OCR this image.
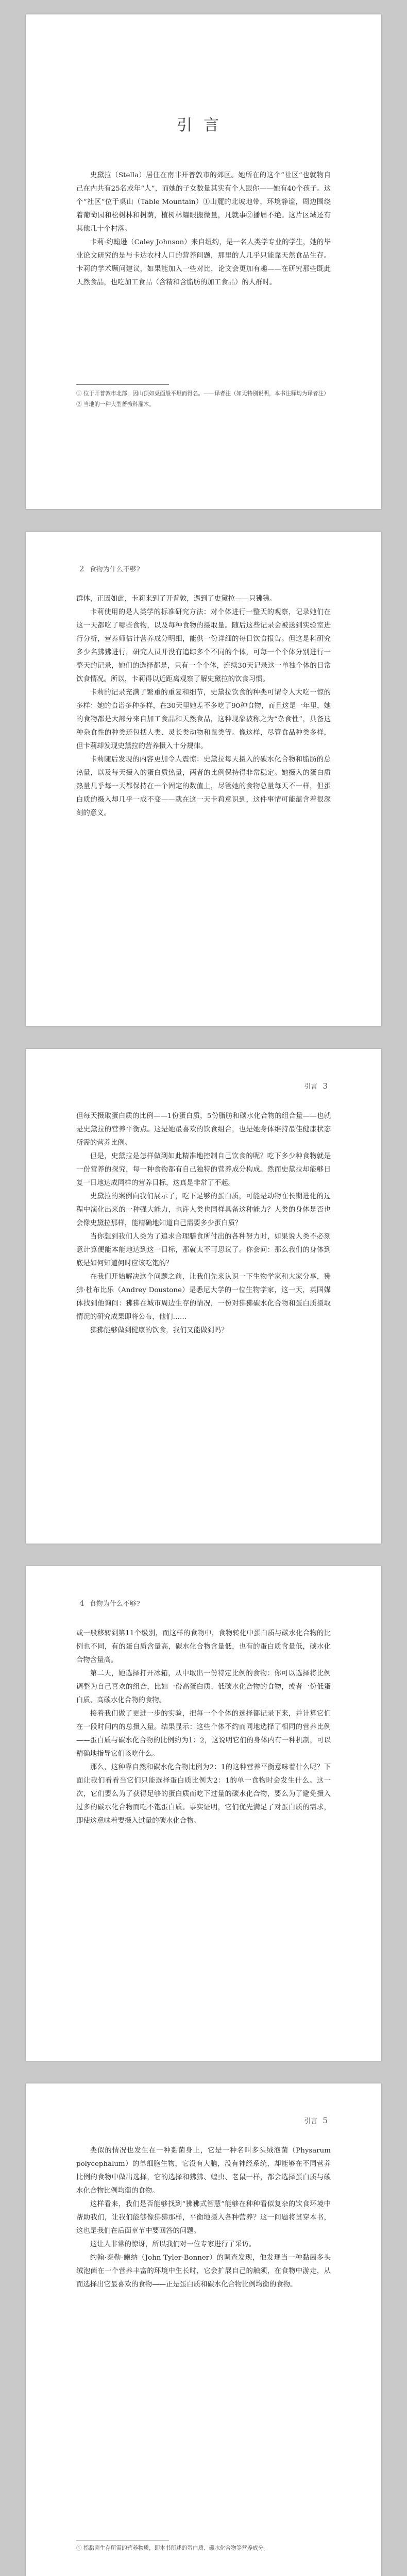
引言

史黛拉（Stella）居住在南非开普敦市的郊区。她所在的这个“社区”也就物自己在内共有25名或年“人”，而她的子女数量其实有个人跟你——她有40个孩子。这个“社区”位于桌山（Table Mountain）①山麓的北坡地带，环境静谧，周边围绕着葡萄园和松树林和树荫，植树林耀眼搬微量，凡就事②播届不绝。这片区域还有其他几十个村落。

卡莉·约翰逊（Caley Johnson）来自纽约，是一名人类学专业的学生，她的毕业论文研究的是与卡达农村人口的营养问题，那里的人几乎只能靠天然食品生存。卡莉的学术顾问建议，如果能加入一些对比，论文会更加有趣——在研究那些既此天然食品，也吃加工食品（含精和含脂肪的加工食品）的人群时。

① 位于开普敦市北部，因山顶如桌面般平坦而得名。——译者注（如无特别说明，本书注释均为译者注）

② 当地的一种大型蔷薇科灌木。

2 食物为什么不够?

群体，正因如此，卡莉来到了开普敦，遇到了史黛拉——只狒狒。

卡莉使用的是人类学的标准研究方法：对个体进行一整天的观察，记录她们在这一天都吃了哪些食物，以及每种食物的摄取量。随后这些记录会被送到实验室进行分析，营养师估计营养成分明细，能供一份详细的每日饮食报告。但这是科研究多少名狒狒进行，研究人员并没有追踪多个不同的个体，可每一个个体分别进行一整天的记录，她们的选择都是，只有一个个体，连续30天记录这一单独个体的日常饮食情况。所以，卡莉得以近距离观察了解史黛拉的饮食习惯。

卡莉的记录充满了繁重的重复和细节，史黛拉饮食的种类可谓令人大吃一惊的多样：她的食谱多种多样，在30天里她差不多吃了90种食物，而且这是一年里，她的食物都是大部分来自加工食品和天然食品，这种现象被称之为“杂食性”，具备这种杂食性的种类还包括人类、灵长类动物和鼠类等。像这样，尽管食品种类多样，但卡莉却发现史黛拉的营养摄入十分规律。

卡莉随后发现的内容更加令人震惊：史黛拉每天摄入的碳水化合物和脂肪的总热量，以及每天摄入的蛋白质热量，两者的比例保持得非常稳定。她摄入的蛋白质热量几乎每一天都保持在一个固定的数值上，尽管她的食物总量每天不一样，但蛋白质的摄入却几乎一成不变——就在这一天卡莉意识到，这件事情可能蕴含着很深刻的意义。

引言 3

但每天摄取蛋白质的比例——1份蛋白质，5份脂肪和碳水化合物的组合量——也就是史黛拉的营养平衡点。这是她最喜欢的饮食组合，也是她身体维持最佳健康状态所需的营养比例。

但是，史黛拉是怎样做到如此精准地控制自己饮食的呢？吃下多少种食物就是一份营养的探究，每一种食物都有自己独特的营养成分构成。然而史黛拉却能够日复一日地达成同样的营养目标，这真是非常了不起。

史黛拉的案例向我们展示了，吃下足够的蛋白质，可能是动物在长期进化的过程中演化出来的一种强大能力，也许人类也同样具备这种能力？人类的身体是否也会像史黛拉那样，能精确地知道自己需要多少蛋白质？

当你想到我们人类为了追求合理膳食所付出的各种努力时，如果说人类不必刻意计算便能本能地达到这一目标，那就太不可思议了。你会问：那么我们的身体到底是如何知道何时应该吃饱的？

在我们开始解决这个问题之前，让我们先来认识一下生物学家和大家分享，狒狒·杜布比乐（Andrey Doustone）是悉尼大学的一位生物学家，这一天，英国媒体找到他询问：狒狒在城市周边生存的情况，一份对狒狒碳水化合物和蛋白质摄取情况的研究成果即将公布，他们……

狒狒能够做到健康的饮食，我们又能做到吗？

4 食物为什么不够?

或一般移转到第11个级别，而这样的食物中，食物转化中蛋白质与碳水化合物的比例也不同，有的蛋白质含量高，碳水化合物含量低，也有的蛋白质含量低，碳水化合物含量高。

第二天，她选择打开冰箱，从中取出一份特定比例的食物：你可以选择将比例调整为自己喜欢的组合，比如一份高蛋白质、低碳水化合物的食物，或者一份低蛋白质、高碳水化合物的食物。

接着我们做了更进一步的实验，把每一个个体的选择都记录下来，并计算它们在一段时间内的总摄入量。结果显示：这些个体不约而同地选择了相同的营养比例——蛋白质与碳水化合物的比例约为1：2，这说明它们的身体内有一种机制，可以精确地指导它们该吃什么。

那么，这种靠自然和碳水化合物比例为2：1的这种营养平衡意味着什么呢？下面让我们看看当它们只能选择蛋白质比例为2：1的单一食物时会发生什么。这一次，它们要么为了获得足够的蛋白质而吃下过量的碳水化合物，要么为了避免摄入过多的碳水化合物而吃不饱蛋白质。事实证明，它们优先满足了对蛋白质的需求，即使这意味着要摄入过量的碳水化合物。

引言 5

类似的情况也发生在一种黏菌身上，它是一种名叫多头绒泡菌（Physarum polycephalum）的单细胞生物，它没有大脑，没有神经系统，却能够在不同营养比例的食物中做出选择，它的选择和狒狒、蝗虫、老鼠一样，都会选择蛋白质与碳水化合物比例均衡的食物。

这样看来，我们是否能够找到“狒狒式智慧”能够在种种看似复杂的饮食环境中帮助我们，让我们能够像狒狒那样，平衡地摄入各种营养？这一问题将贯穿本书，这也是我们在后面章节中要回答的问题。

这让人非常的惊讶，所以我们对一位专家进行了采访。

约翰·泰勒-鲍纳（John Tyler-Bonner）的调查发现，他发现当一种黏菌多头绒泡菌在一个营养丰富的环境中生长时，它会扩展自己的触须，在食物中游走，从而选择出它最喜欢的食物——正是蛋白质和碳水化合物比例均衡的食物。

① 指黏菌生存所需的营养物质，即本书所述的蛋白质、碳水化合物等营养成分。
